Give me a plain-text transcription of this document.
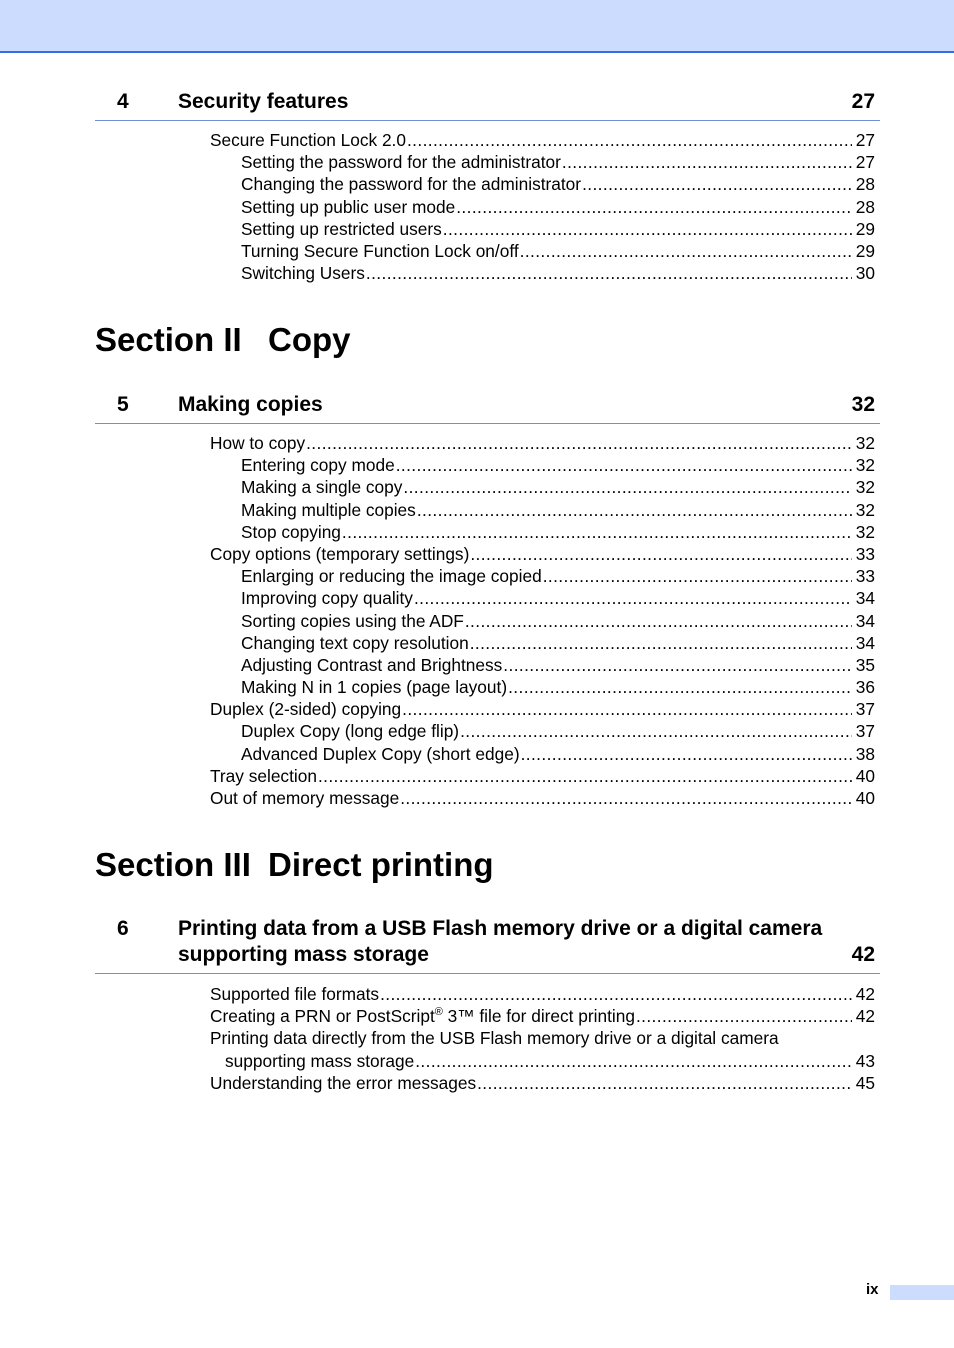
4 Security features	27
Secure Function Lock 2.0 .....	27
Setting the password for the administrator .....	27
Changing the password for the administrator .....	28
Setting up public user mode .....	28
Setting up restricted users .....	29
Turning Secure Function Lock on/off .....	29
Switching Users .....	30
Section II Copy
5 Making copies	32
How to copy .....	32
Entering copy mode .....	32
Making a single copy .....	32
Making multiple copies .....	32
Stop copying .....	32
Copy options (temporary settings) .....	33
Enlarging or reducing the image copied .....	33
Improving copy quality .....	34
Sorting copies using the ADF .....	34
Changing text copy resolution .....	34
Adjusting Contrast and Brightness .....	35
Making N in 1 copies (page layout) .....	36
Duplex (2-sided) copying .....	37
Duplex Copy (long edge flip) .....	37
Advanced Duplex Copy (short edge) .....	38
Tray selection .....	40
Out of memory message .....	40
Section III Direct printing
6 Printing data from a USB Flash memory drive or a digital camera
supporting mass storage	42
Supported file formats .....	42
Creating a PRN or PostScript® 3™ file for direct printing .....	42
Printing data directly from the USB Flash memory drive or a digital camera
supporting mass storage .....	43
Understanding the error messages .....	45
ix
